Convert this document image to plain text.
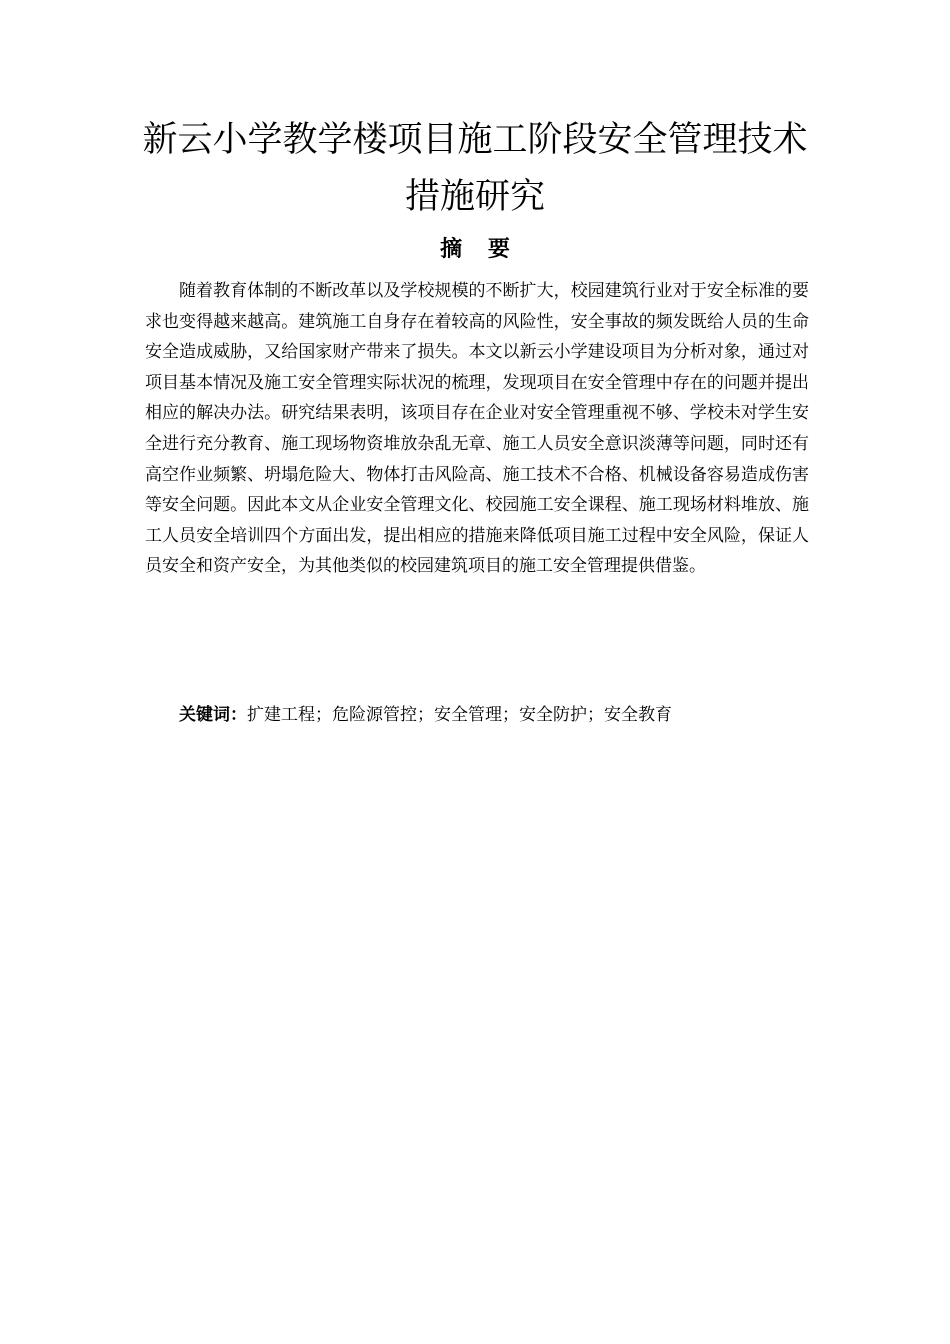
新云小学教学楼项目施工阶段安全管理技术措施研究
摘 要

随着教育体制的不断改革以及学校规模的不断扩大，校园建筑行业对于安全标准的要求也变得越来越高。建筑施工自身存在着较高的风险性，安全事故的频发既给人员的生命安全造成威胁，又给国家财产带来了损失。本文以新云小学建设项目为分析对象，通过对项目基本情况及施工安全管理实际状况的梳理，发现项目在安全管理中存在的问题并提出相应的解决办法。研究结果表明，该项目存在企业对安全管理重视不够、学校未对学生安全进行充分教育、施工现场物资堆放杂乱无章、施工人员安全意识淡薄等问题，同时还有高空作业频繁、坍塌危险大、物体打击风险高、施工技术不合格、机械设备容易造成伤害等安全问题。因此本文从企业安全管理文化、校园施工安全课程、施工现场材料堆放、施工人员安全培训四个方面出发，提出相应的措施来降低项目施工过程中安全风险，保证人员安全和资产安全，为其他类似的校园建筑项目的施工安全管理提供借鉴。

关键词：扩建工程；危险源管控；安全管理；安全防护；安全教育
